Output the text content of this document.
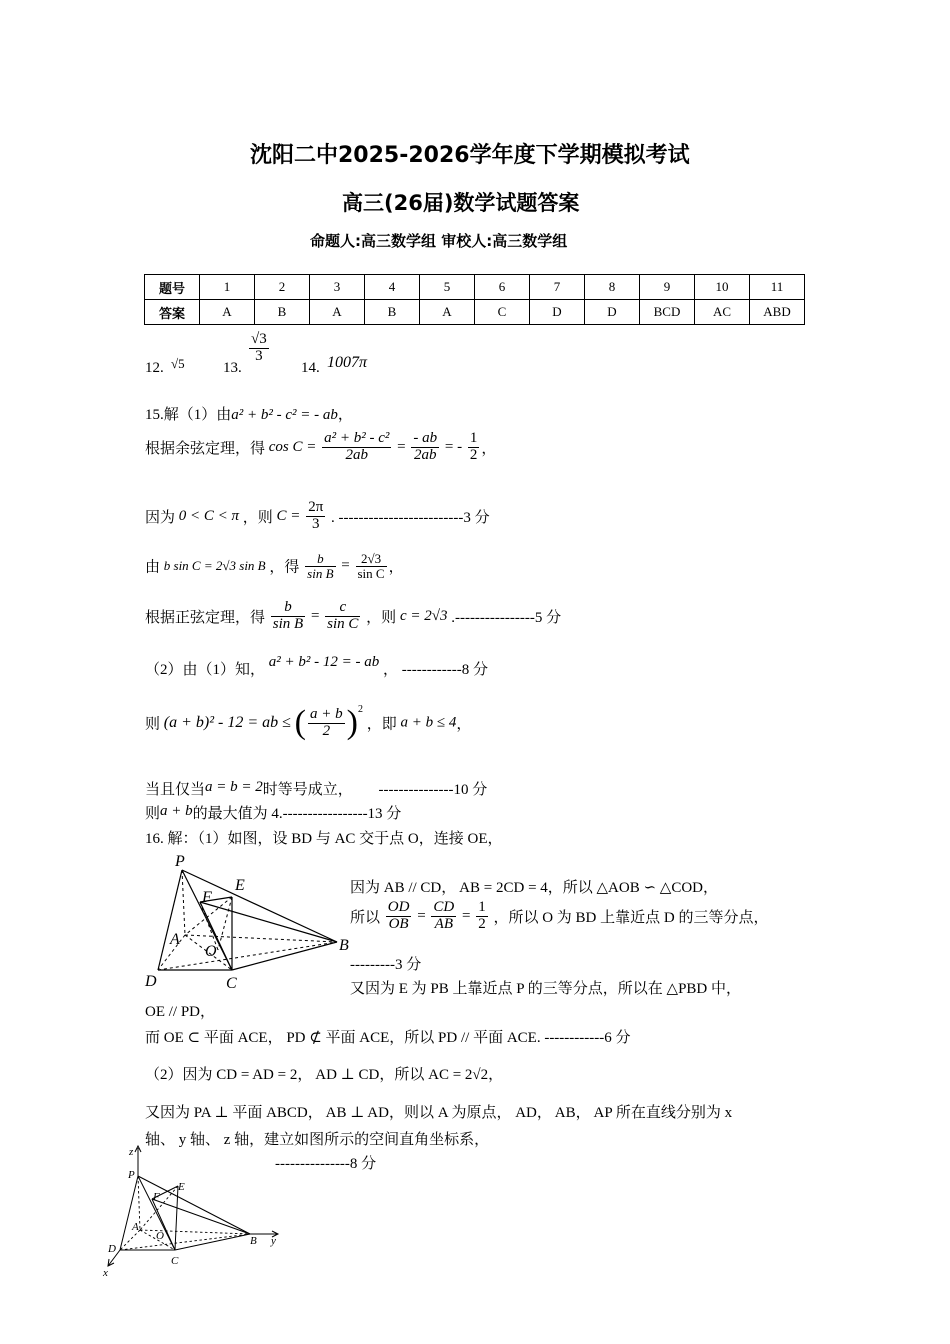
沈阳二中2025-2026学年度下学期模拟考试
高三(26届)数学试题答案
命题人:高三数学组 审校人:高三数学组
题号	1	2	3	4	5	6	7	8	9	10	11
答案	A	B	A	B	A	C	D	D	BCD	AC	ABD
12. √5	13.
$\frac{√3}{3}$
14. 1007π
15.解（1）由a² + b² - c² = - ab，
根据余弦定理，得 $\cos C = \frac{\text{a² + b² - c²}}{2ab} = \frac{- ab}{2ab}$ = - $\frac{1}{2}$ ，
因为 0 < C < π ，则 $C = \frac{2\pi}{3}$ . -------------------------3 分
由 b sin C = 2√3 sin B ，得 $\frac{b}{\text{sin B}} = \frac{2√3}{\text{sin C}}$ ，
根据正弦定理，得 $\frac{b}{\text{sin B}} = \frac{c}{\text{sin C}}$ ，则 c = 2√3 .----------------5 分
（2）由（1）知， a² + b² - 12 = - ab ， ------------8 分
则 (a + b)² - 12 = ab ≤ ( $\frac{a + b}{2} )^2$ ，即 a + b ≤ 4，
当且仅当a = b = 2时等号成立， ---------------10 分
则a + b的最大值为 4.-----------------13 分
16. 解：（1）如图，设 BD 与 AC 交于点 O，连接 OE，
P
E
F
A
O	B
D	C
因为 AB // CD， AB = 2CD = 4，所以 △AOB ∽ △COD，
所以 $\frac{OD}{OB} = \frac{CD}{AB} = \frac{1}{2}$ ，所以 O 为 BD 上靠近点 D 的三等分点，
---------3 分
又因为 E 为 PB 上靠近点 P 的三等分点，所以在 △PBD 中，
OE // PD，
而 OE ⊂ 平面 ACE， PD ⊄ 平面 ACE，所以 PD // 平面 ACE. ------------6 分
（2）因为 CD = AD = 2， AD ⊥ CD，所以 AC = 2√2，
又因为 PA ⊥ 平面 ABCD， AB ⊥ AD，则以 A 为原点， AD， AB， AP 所在直线分别为 x
轴、 y 轴、 z 轴，建立如图所示的空间直角坐标系，
---------------8 分
z
P
F
E
A
O	B y
D
C
x
